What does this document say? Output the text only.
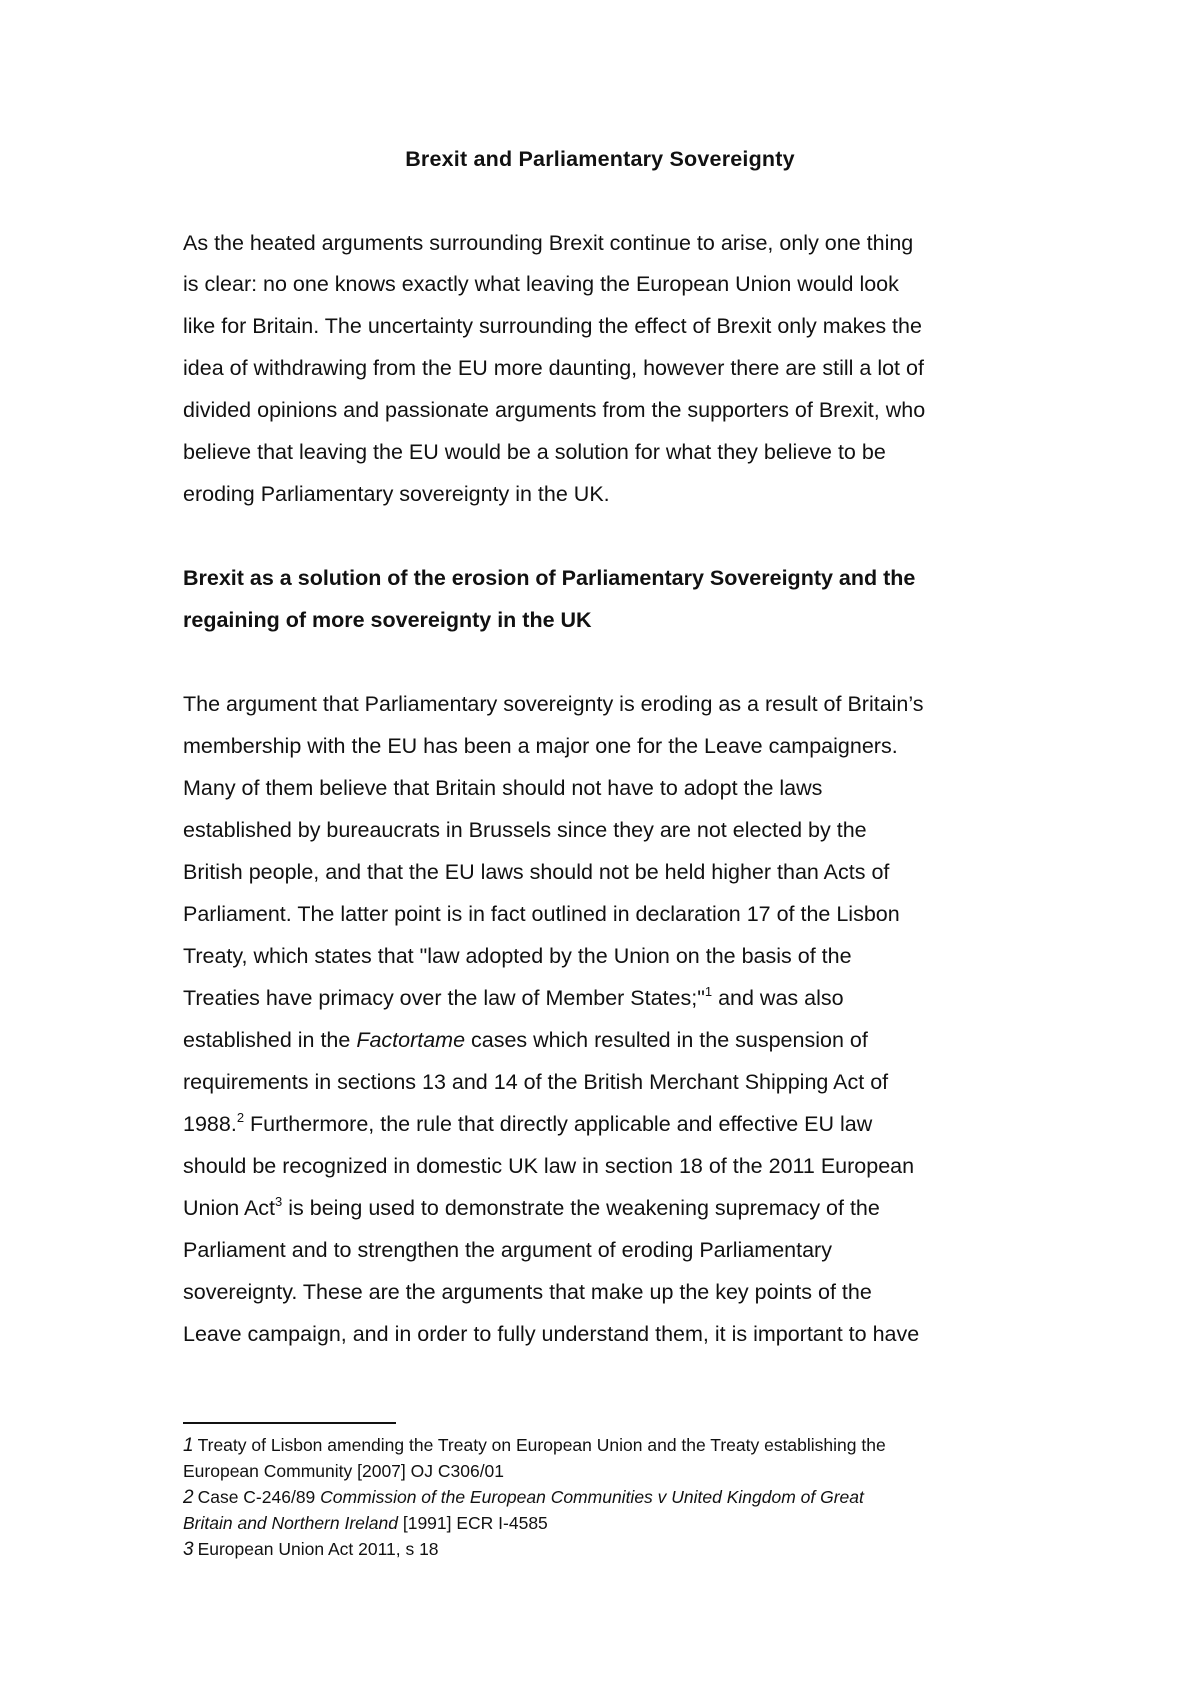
Brexit and Parliamentary Sovereignty
As the heated arguments surrounding Brexit continue to arise, only one thing
is clear: no one knows exactly what leaving the European Union would look
like for Britain. The uncertainty surrounding the effect of Brexit only makes the
idea of withdrawing from the EU more daunting, however there are still a lot of
divided opinions and passionate arguments from the supporters of Brexit, who
believe that leaving the EU would be a solution for what they believe to be
eroding Parliamentary sovereignty in the UK.
Brexit as a solution of the erosion of Parliamentary Sovereignty and the
regaining of more sovereignty in the UK
The argument that Parliamentary sovereignty is eroding as a result of Britain’s
membership with the EU has been a major one for the Leave campaigners.
Many of them believe that Britain should not have to adopt the laws
established by bureaucrats in Brussels since they are not elected by the
British people, and that the EU laws should not be held higher than Acts of
Parliament. The latter point is in fact outlined in declaration 17 of the Lisbon
Treaty, which states that "law adopted by the Union on the basis of the
Treaties have primacy over the law of Member States;"$^1$ and was also
established in the Factortame cases which resulted in the suspension of
requirements in sections 13 and 14 of the British Merchant Shipping Act of
1988.$^2$ Furthermore, the rule that directly applicable and effective EU law
should be recognized in domestic UK law in section 18 of the 2011 European
Union Act$^3$ is being used to demonstrate the weakening supremacy of the
Parliament and to strengthen the argument of eroding Parliamentary
sovereignty. These are the arguments that make up the key points of the
Leave campaign, and in order to fully understand them, it is important to have
1 Treaty of Lisbon amending the Treaty on European Union and the Treaty establishing the
European Community [2007] OJ C306/01
2 Case C-246/89 Commission of the European Communities v United Kingdom of Great
Britain and Northern Ireland [1991] ECR I-4585
3 European Union Act 2011, s 18
